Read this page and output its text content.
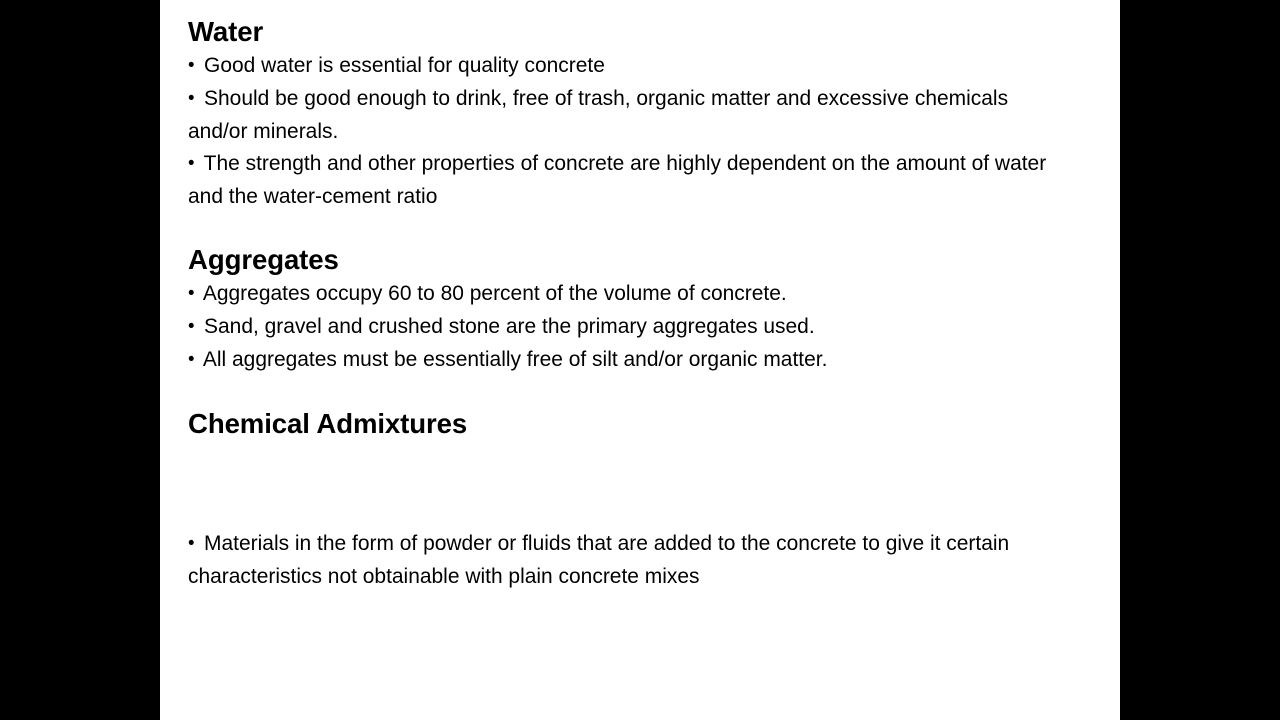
Water
•  Good water is essential for quality concrete
•  Should be good enough to drink, free of trash, organic matter and excessive chemicals and/or minerals.
•  The strength and other properties of concrete are highly dependent on the amount of water and the water-cement ratio
Aggregates
•  Aggregates occupy 60 to 80 percent of the volume of concrete.
•  Sand, gravel and crushed stone are the primary aggregates used.
•  All aggregates must be essentially free of silt and/or organic matter.
Chemical Admixtures
•  Materials in the form of powder or fluids that are added to the concrete to give it certain characteristics not obtainable with plain concrete mixes
